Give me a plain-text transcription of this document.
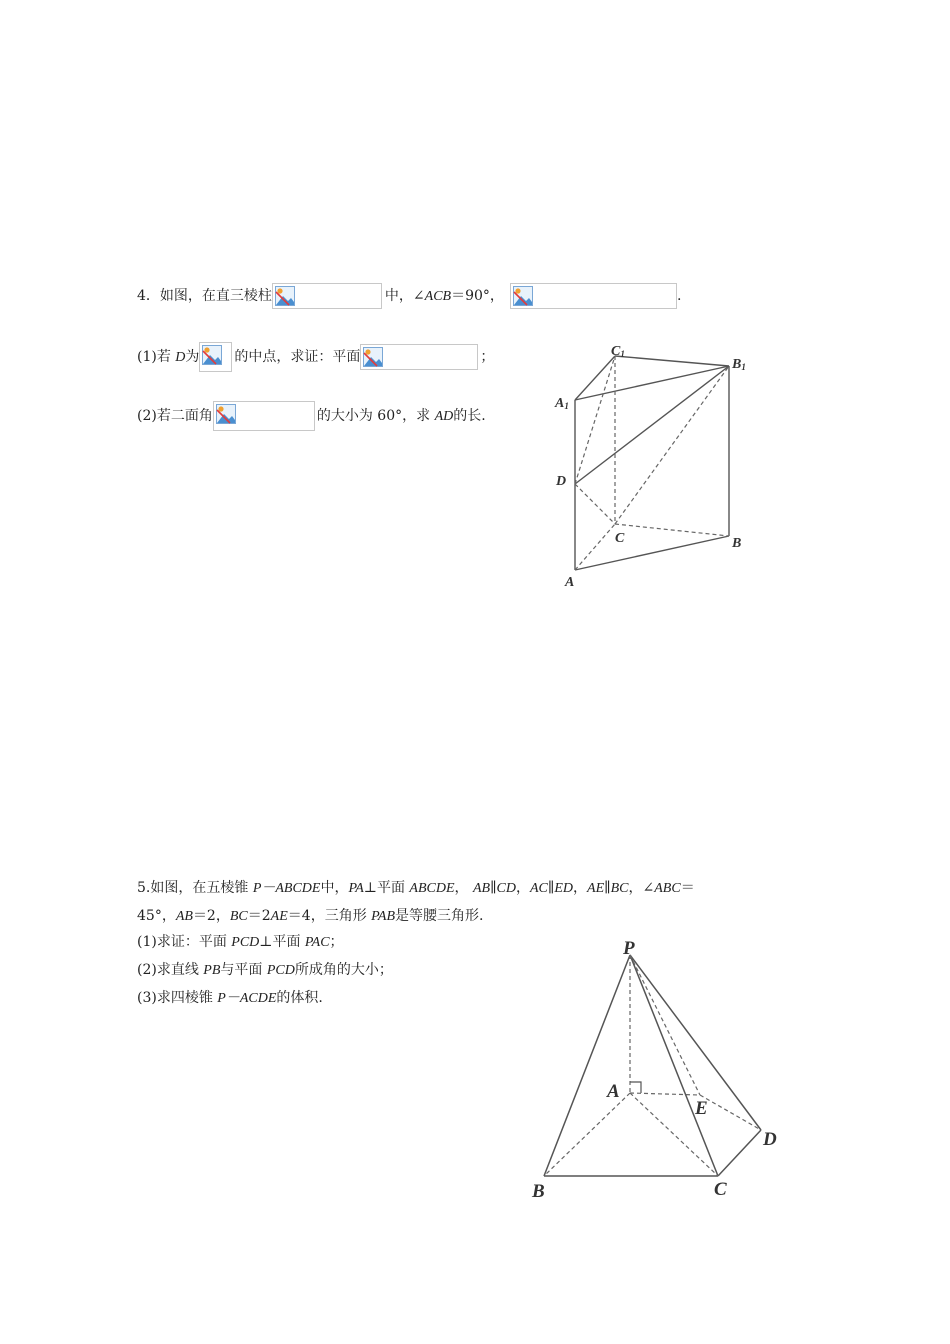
4．如图，在直三棱柱	中，∠ACB＝90°，	.
(1)若 D为	的中点，求证：平面	；
(2)若二面角	的大小为 60°，求 AD的长.
C1
B1
A1
D
C	B
A
5.如图，在五棱锥 P－ABCDE中，PA⊥平面 ABCDE， AB∥CD，AC∥ED，AE∥BC，∠ABC＝
45°，AB＝2，BC＝2AE＝4，三角形 PAB是等腰三角形.
(1)求证：平面 PCD⊥平面 PAC；
(2)求直线 PB与平面 PCD所成角的大小；
(3)求四棱锥 P－ACDE的体积.
P
A
E
D
B	C
